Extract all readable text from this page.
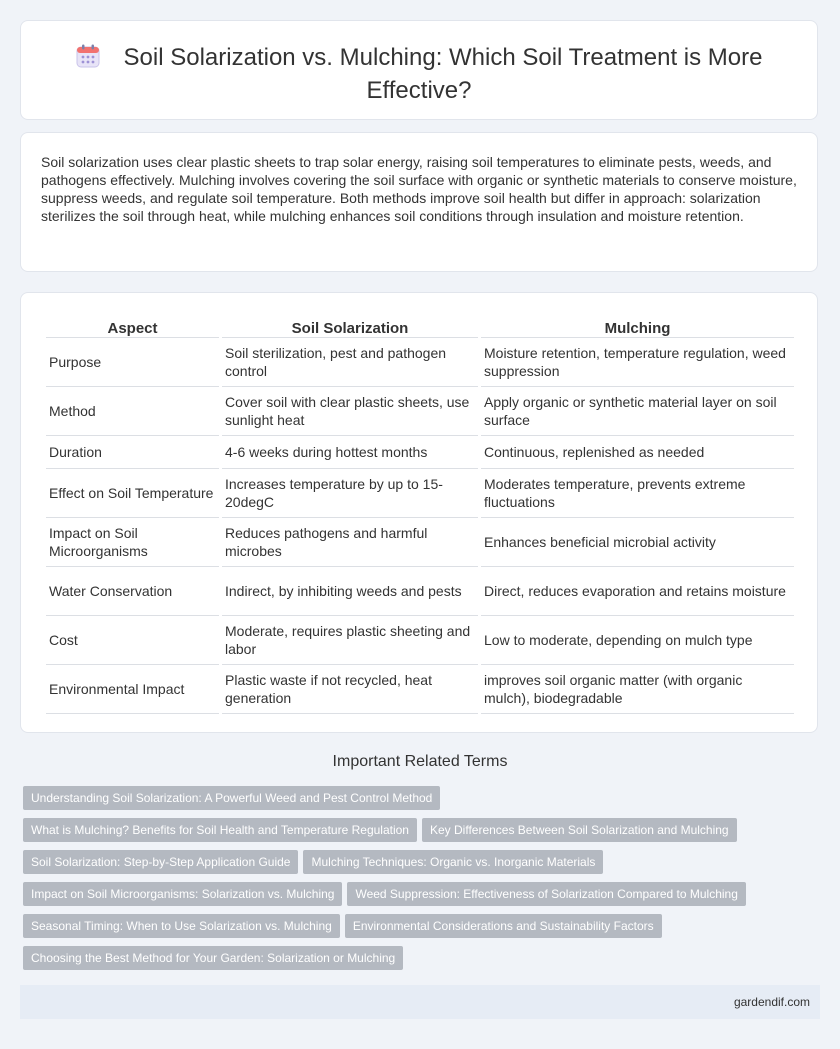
Soil Solarization vs. Mulching: Which Soil Treatment is More Effective?

Soil solarization uses clear plastic sheets to trap solar energy, raising soil temperatures to eliminate pests, weeds, and pathogens effectively. Mulching involves covering the soil surface with organic or synthetic materials to conserve moisture, suppress weeds, and regulate soil temperature. Both methods improve soil health but differ in approach: solarization sterilizes the soil through heat, while mulching enhances soil conditions through insulation and moisture retention.

Aspect	Soil Solarization	Mulching
Purpose	Soil sterilization, pest and pathogen control	Moisture retention, temperature regulation, weed suppression
Method	Cover soil with clear plastic sheets, use sunlight heat	Apply organic or synthetic material layer on soil surface
Duration	4-6 weeks during hottest months	Continuous, replenished as needed
Effect on Soil Temperature	Increases temperature by up to 15-20degC	Moderates temperature, prevents extreme fluctuations
Impact on Soil Microorganisms	Reduces pathogens and harmful microbes	Enhances beneficial microbial activity
Water Conservation	Indirect, by inhibiting weeds and pests	Direct, reduces evaporation and retains moisture
Cost	Moderate, requires plastic sheeting and labor	Low to moderate, depending on mulch type
Environmental Impact	Plastic waste if not recycled, heat generation	improves soil organic matter (with organic mulch), biodegradable
Important Related Terms
Understanding Soil Solarization: A Powerful Weed and Pest Control Method
What is Mulching? Benefits for Soil Health and Temperature Regulation Key Differences Between Soil Solarization and Mulching
Soil Solarization: Step-by-Step Application Guide Mulching Techniques: Organic vs. Inorganic Materials
Impact on Soil Microorganisms: Solarization vs. Mulching Weed Suppression: Effectiveness of Solarization Compared to Mulching
Seasonal Timing: When to Use Solarization vs. Mulching Environmental Considerations and Sustainability Factors
Choosing the Best Method for Your Garden: Solarization or Mulching
gardendif.com
